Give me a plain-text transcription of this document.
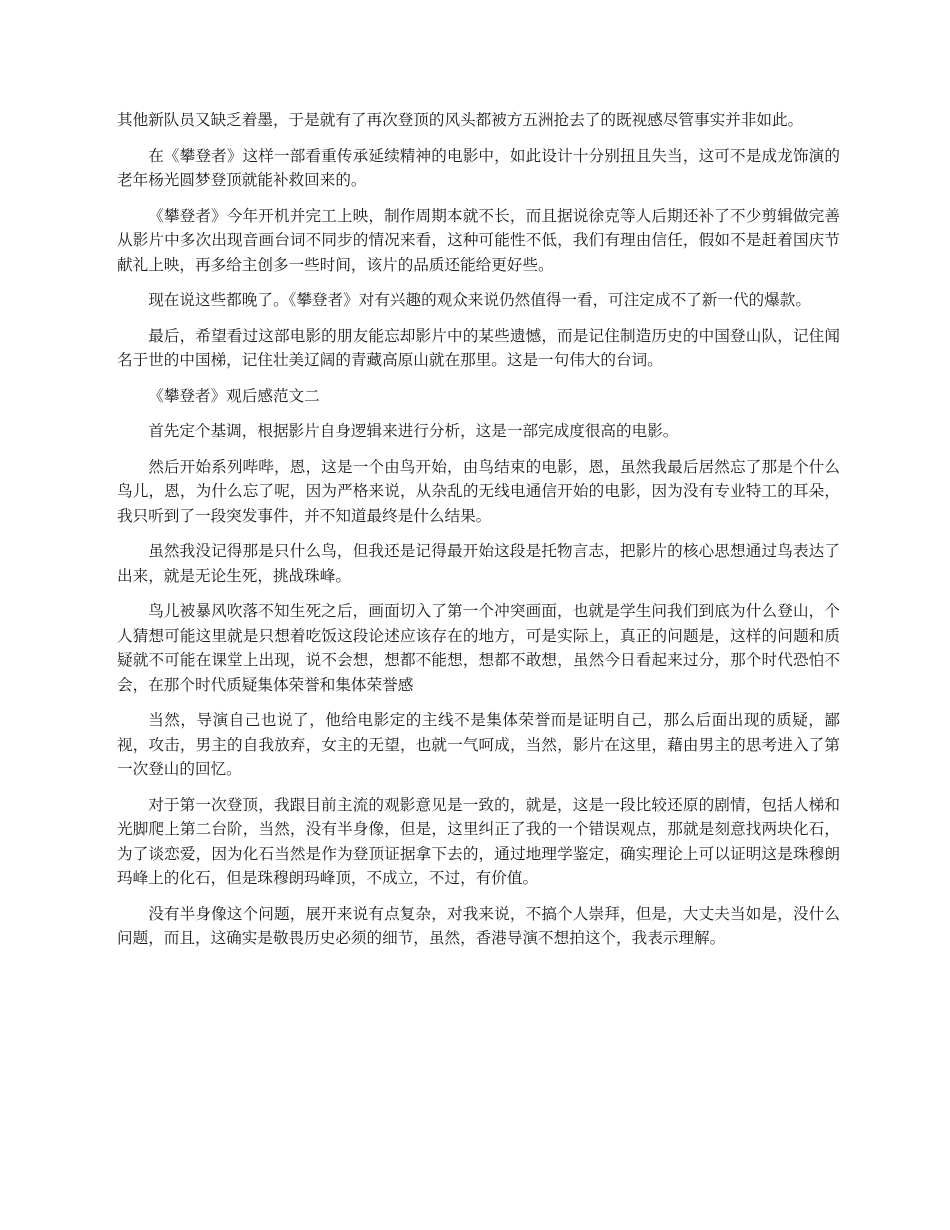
其他新队员又缺乏着墨，于是就有了再次登顶的风头都被方五洲抢去了的既视感尽管事实并非如此。

在《攀登者》这样一部看重传承延续精神的电影中，如此设计十分别扭且失当，这可不是成龙饰演的老年杨光圆梦登顶就能补救回来的。

《攀登者》今年开机并完工上映，制作周期本就不长，而且据说徐克等人后期还补了不少剪辑做完善从影片中多次出现音画台词不同步的情况来看，这种可能性不低，我们有理由信任，假如不是赶着国庆节献礼上映，再多给主创多一些时间，该片的品质还能给更好些。

现在说这些都晚了。《攀登者》对有兴趣的观众来说仍然值得一看，可注定成不了新一代的爆款。

最后，希望看过这部电影的朋友能忘却影片中的某些遗憾，而是记住制造历史的中国登山队，记住闻名于世的中国梯，记住壮美辽阔的青藏高原山就在那里。这是一句伟大的台词。

《攀登者》观后感范文二

首先定个基调，根据影片自身逻辑来进行分析，这是一部完成度很高的电影。

然后开始系列哔哔，恩，这是一个由鸟开始，由鸟结束的电影，恩，虽然我最后居然忘了那是个什么鸟儿，恩，为什么忘了呢，因为严格来说，从杂乱的无线电通信开始的电影，因为没有专业特工的耳朵，我只听到了一段突发事件，并不知道最终是什么结果。

虽然我没记得那是只什么鸟，但我还是记得最开始这段是托物言志，把影片的核心思想通过鸟表达了出来，就是无论生死，挑战珠峰。

鸟儿被暴风吹落不知生死之后，画面切入了第一个冲突画面，也就是学生问我们到底为什么登山，个人猜想可能这里就是只想着吃饭这段论述应该存在的地方，可是实际上，真正的问题是，这样的问题和质疑就不可能在课堂上出现，说不会想，想都不能想，想都不敢想，虽然今日看起来过分，那个时代恐怕不会，在那个时代质疑集体荣誉和集体荣誉感

当然，导演自己也说了，他给电影定的主线不是集体荣誉而是证明自己，那么后面出现的质疑，鄙视，攻击，男主的自我放弃，女主的无望，也就一气呵成，当然，影片在这里，藉由男主的思考进入了第一次登山的回忆。

对于第一次登顶，我跟目前主流的观影意见是一致的，就是，这是一段比较还原的剧情，包括人梯和光脚爬上第二台阶，当然，没有半身像，但是，这里纠正了我的一个错误观点，那就是刻意找两块化石，为了谈恋爱，因为化石当然是作为登顶证据拿下去的，通过地理学鉴定，确实理论上可以证明这是珠穆朗玛峰上的化石，但是珠穆朗玛峰顶，不成立，不过，有价值。

没有半身像这个问题，展开来说有点复杂，对我来说，不搞个人崇拜，但是，大丈夫当如是，没什么问题，而且，这确实是敬畏历史必须的细节，虽然，香港导演不想拍这个，我表示理解。
